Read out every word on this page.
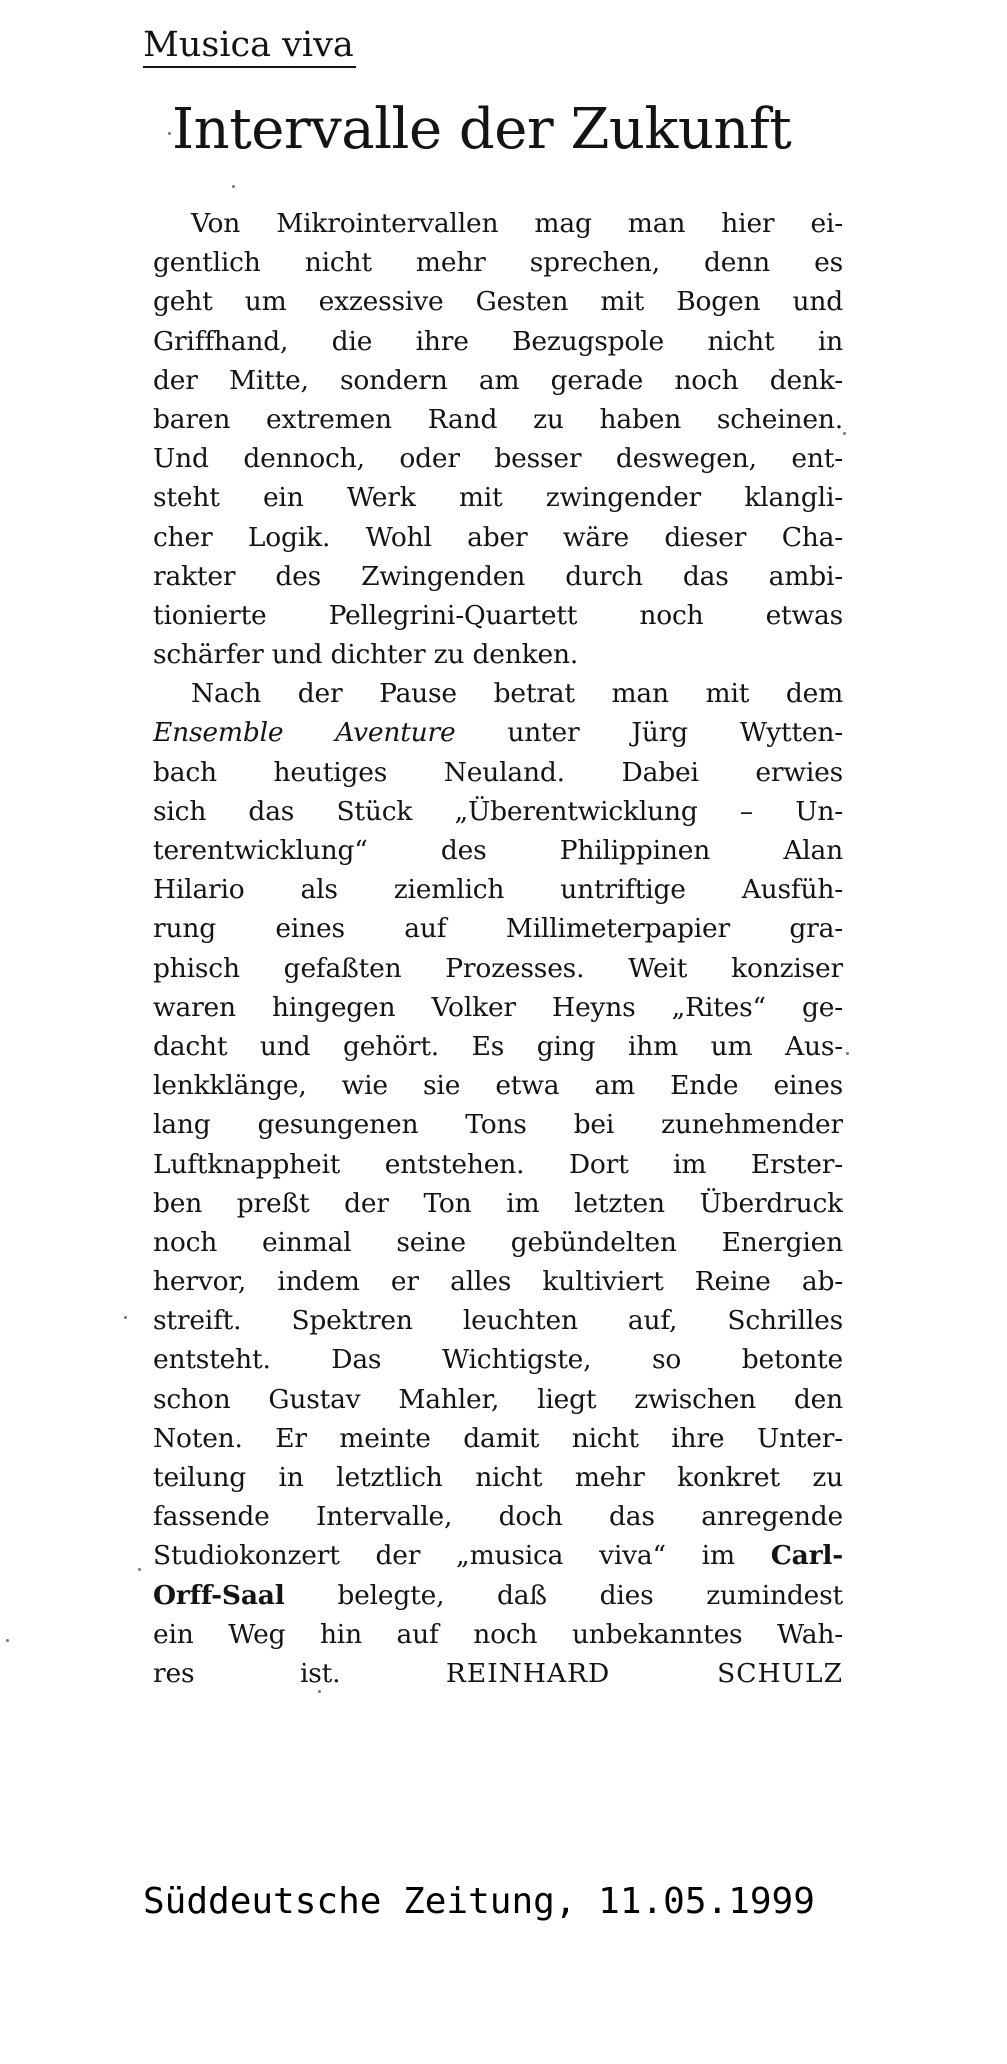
Musica viva
Intervalle der Zukunft
Von Mikrointervallen mag man hier ei-
gentlich nicht mehr sprechen, denn es
geht um exzessive Gesten mit Bogen und
Griffhand, die ihre Bezugspole nicht in
der Mitte, sondern am gerade noch denk-
baren extremen Rand zu haben scheinen.
Und dennoch, oder besser deswegen, ent-
steht ein Werk mit zwingender klangli-
cher Logik. Wohl aber wäre dieser Cha-
rakter des Zwingenden durch das ambi-
tionierte Pellegrini-Quartett noch etwas
schärfer und dichter zu denken.
Nach der Pause betrat man mit dem
Ensemble Aventure unter Jürg Wytten-
bach heutiges Neuland. Dabei erwies
sich das Stück „Überentwicklung – Un-
terentwicklung“ des Philippinen Alan
Hilario als ziemlich untriftige Ausfüh-
rung eines auf Millimeterpapier gra-
phisch gefaßten Prozesses. Weit konziser
waren hingegen Volker Heyns „Rites“ ge-
dacht und gehört. Es ging ihm um Aus-
lenkklänge, wie sie etwa am Ende eines
lang gesungenen Tons bei zunehmender
Luftknappheit entstehen. Dort im Erster-
ben preßt der Ton im letzten Überdruck
noch einmal seine gebündelten Energien
hervor, indem er alles kultiviert Reine ab-
streift. Spektren leuchten auf, Schrilles
entsteht. Das Wichtigste, so betonte
schon Gustav Mahler, liegt zwischen den
Noten. Er meinte damit nicht ihre Unter-
teilung in letztlich nicht mehr konkret zu
fassende Intervalle, doch das anregende
Studiokonzert der „musica viva“ im Carl-
Orff-Saal belegte, daß dies zumindest
ein Weg hin auf noch unbekanntes Wah-
res ist.	REINHARD SCHULZ
Süddeutsche Zeitung, 11.05.1999
